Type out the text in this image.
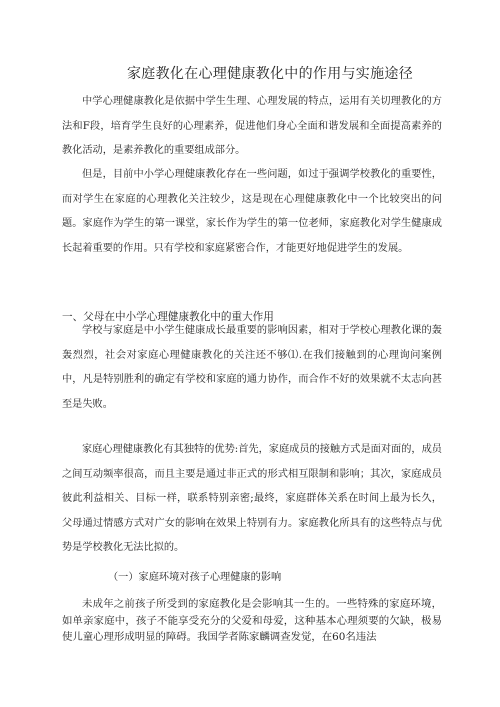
家庭教化在心理健康教化中的作用与实施途径

中学心理健康教化是依据中学生生理、心理发展的特点，运用有关切理教化的方法和F段，培育学生良好的心理素养，促进他们身心全面和谐发展和全面提高素养的教化活动，是素养教化的重要组成部分。

但是，目前中小学心理健康教化存在一些问题，如过于强调学校教化的重要性，而对学生在家庭的心理教化关注较少，这是现在心理健康教化中一个比较突出的问题。家庭作为学生的第一课堂，家长作为学生的第一位老师，家庭教化对学生健康成长起着重要的作用。只有学校和家庭紧密合作，才能更好地促进学生的发展。

一、父母在中小学心理健康教化中的重大作用

学校与家庭是中小学生健康成长最重要的影响因素，相对于学校心理教化课的轰轰烈烈，社会对家庭心理健康教化的关注还不够⑴.在我们接触到的心理询问案例中，凡是特别胜利的确定有学校和家庭的通力协作，而合作不好的效果就不太志向甚至是失败。

家庭心理健康教化有其独特的优势:首先，家庭成员的接触方式是面对面的，成员之间互动频率很高，而且主要是通过非正式的形式相互限制和影响；其次，家庭成员彼此利益相关、目标一样，联系特别亲密;最终，家庭群体关系在时间上最为长久，父母通过情感方式对广女的影响在效果上特别有力。家庭教化所具有的这些特点与优势是学校教化无法比拟的。

（一）家庭环境对孩子心理健康的影响

未成年之前孩子所受到的家庭教化是会影响其一生的。一些特殊的家庭环境，如单亲家庭中，孩子不能享受充分的父爱和母爱，这种基本心理须要的欠缺，极易使儿童心理形成明显的障碍。我国学者陈家麟调查发觉，在60名违法
